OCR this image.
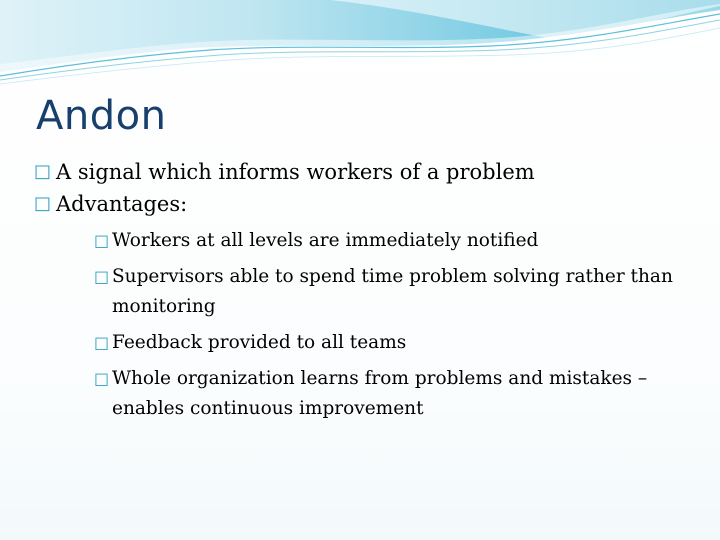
Andon
□ A signal which informs workers of a problem
□ Advantages:
□ Workers at all levels are immediately notified
□ Supervisors able to spend time problem solving rather than monitoring
□ Feedback provided to all teams
□ Whole organization learns from problems and mistakes – enables continuous improvement
